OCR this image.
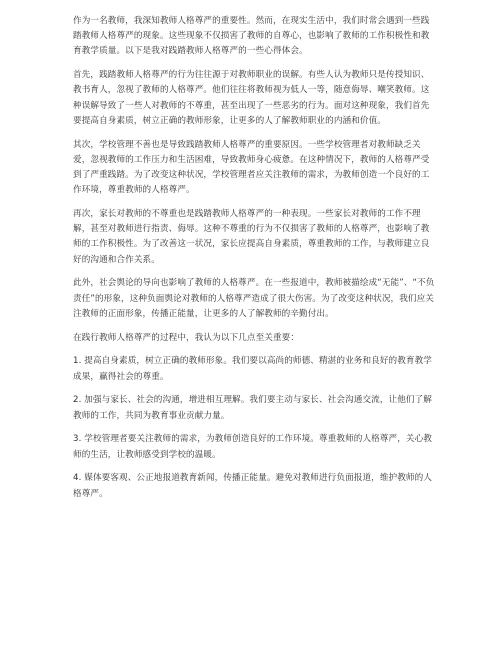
作为一名教师，我深知教师人格尊严的重要性。然而，在现实生活中，我们时常会遇到一些践踏教师人格尊严的现象。这些现象不仅损害了教师的自尊心，也影响了教师的工作积极性和教育教学质量。以下是我对践踏教师人格尊严的一些心得体会。

首先，践踏教师人格尊严的行为往往源于对教师职业的误解。有些人认为教师只是传授知识、教书育人，忽视了教师的人格尊严。他们往往将教师视为低人一等，随意侮辱、嘲笑教师。这种误解导致了一些人对教师的不尊重，甚至出现了一些恶劣的行为。面对这种现象，我们首先要提高自身素质，树立正确的教师形象，让更多的人了解教师职业的内涵和价值。

其次，学校管理不善也是导致践踏教师人格尊严的重要原因。一些学校管理者对教师缺乏关爱，忽视教师的工作压力和生活困难，导致教师身心疲惫。在这种情况下，教师的人格尊严受到了严重践踏。为了改变这种状况，学校管理者应关注教师的需求，为教师创造一个良好的工作环境，尊重教师的人格尊严。

再次，家长对教师的不尊重也是践踏教师人格尊严的一种表现。一些家长对教师的工作不理解，甚至对教师进行指责、侮辱。这种不尊重的行为不仅损害了教师的人格尊严，也影响了教师的工作积极性。为了改善这一状况，家长应提高自身素质，尊重教师的工作，与教师建立良好的沟通和合作关系。

此外，社会舆论的导向也影响了教师的人格尊严。在一些报道中，教师被描绘成“无能”、“不负责任”的形象，这种负面舆论对教师的人格尊严造成了很大伤害。为了改变这种状况，我们应关注教师的正面形象，传播正能量，让更多的人了解教师的辛勤付出。

在践行教师人格尊严的过程中，我认为以下几点至关重要：

1. 提高自身素质，树立正确的教师形象。我们要以高尚的师德、精湛的业务和良好的教育教学成果，赢得社会的尊重。

2. 加强与家长、社会的沟通，增进相互理解。我们要主动与家长、社会沟通交流，让他们了解教师的工作，共同为教育事业贡献力量。

3. 学校管理者要关注教师的需求，为教师创造良好的工作环境。尊重教师的人格尊严，关心教师的生活，让教师感受到学校的温暖。

4. 媒体要客观、公正地报道教育新闻，传播正能量。避免对教师进行负面报道，维护教师的人格尊严。
